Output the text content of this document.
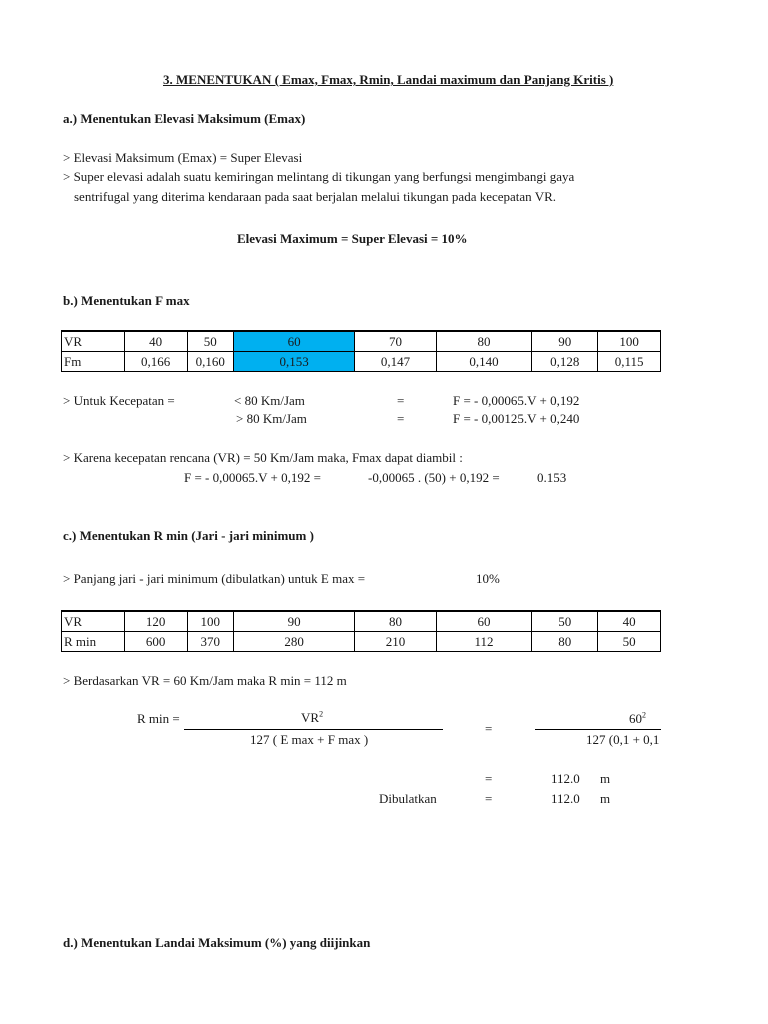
3. MENENTUKAN ( Emax, Fmax, Rmin, Landai maximum dan Panjang Kritis )
a.) Menentukan Elevasi Maksimum (Emax)
> Elevasi Maksimum (Emax) = Super Elevasi
> Super elevasi adalah suatu kemiringan melintang di tikungan yang berfungsi mengimbangi gaya
sentrifugal yang diterima kendaraan pada saat berjalan melalui tikungan pada kecepatan VR.
Elevasi Maximum = Super Elevasi = 10%
b.) Menentukan F max
VR	40	50	60	70	80	90	100
Fm	0,166	0,160	0,153	0,147	0,140	0,128	0,115
> Untuk Kecepatan =	< 80 Km/Jam	=	F = - 0,00065.V + 0,192
> 80 Km/Jam	=	F = - 0,00125.V + 0,240
> Karena kecepatan rencana (VR) = 50 Km/Jam maka, Fmax dapat diambil :
F = - 0,00065.V + 0,192 =	-0,00065 . (50) + 0,192 =	0.153
c.) Menentukan R min (Jari - jari minimum )
> Panjang jari - jari minimum (dibulatkan) untuk E max =	10%
VR	120	100	90	80	60	50	40
R min	600	370	280	210	112	80	50
> Berdasarkan VR = 60 Km/Jam maka R min = 112 m
R min =	$VR^2$
127 ( E max + F max )
=
$60^2$
127 (0,1 + 0,1
=	112.0 m
Dibulatkan	=	112.0 m
d.) Menentukan Landai Maksimum (%) yang diijinkan
